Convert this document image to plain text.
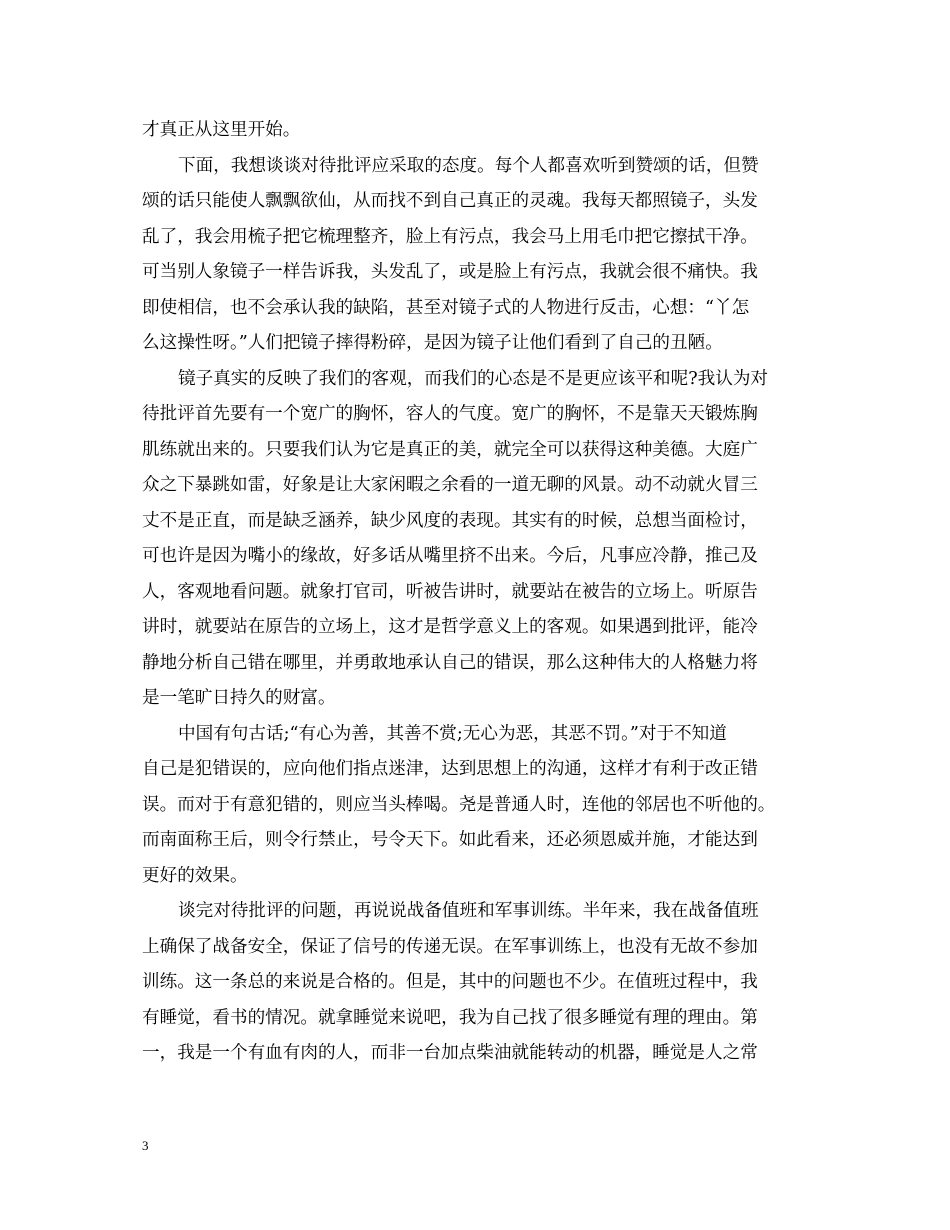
才真正从这里开始。
下面，我想谈谈对待批评应采取的态度。每个人都喜欢听到赞颂的话，但赞
颂的话只能使人飘飘欲仙，从而找不到自己真正的灵魂。我每天都照镜子，头发
乱了，我会用梳子把它梳理整齐，脸上有污点，我会马上用毛巾把它擦拭干净。
可当别人象镜子一样告诉我，头发乱了，或是脸上有污点，我就会很不痛快。我
即使相信，也不会承认我的缺陷，甚至对镜子式的人物进行反击，心想：“丫怎
么这操性呀。”人们把镜子摔得粉碎，是因为镜子让他们看到了自己的丑陋。
镜子真实的反映了我们的客观，而我们的心态是不是更应该平和呢?我认为对
待批评首先要有一个宽广的胸怀，容人的气度。宽广的胸怀，不是靠天天锻炼胸
肌练就出来的。只要我们认为它是真正的美，就完全可以获得这种美德。大庭广
众之下暴跳如雷，好象是让大家闲暇之余看的一道无聊的风景。动不动就火冒三
丈不是正直，而是缺乏涵养，缺少风度的表现。其实有的时候，总想当面检讨，
可也许是因为嘴小的缘故，好多话从嘴里挤不出来。今后，凡事应冷静，推己及
人，客观地看问题。就象打官司，听被告讲时，就要站在被告的立场上。听原告
讲时，就要站在原告的立场上，这才是哲学意义上的客观。如果遇到批评，能冷
静地分析自己错在哪里，并勇敢地承认自己的错误，那么这种伟大的人格魅力将
是一笔旷日持久的财富。
中国有句古话;“有心为善，其善不赏;无心为恶，其恶不罚。”对于不知道
自己是犯错误的，应向他们指点迷津，达到思想上的沟通，这样才有利于改正错
误。而对于有意犯错的，则应当头棒喝。尧是普通人时，连他的邻居也不听他的。
而南面称王后，则令行禁止，号令天下。如此看来，还必须恩威并施，才能达到
更好的效果。
谈完对待批评的问题，再说说战备值班和军事训练。半年来，我在战备值班
上确保了战备安全，保证了信号的传递无误。在军事训练上，也没有无故不参加
训练。这一条总的来说是合格的。但是，其中的问题也不少。在值班过程中，我
有睡觉，看书的情况。就拿睡觉来说吧，我为自己找了很多睡觉有理的理由。第
一，我是一个有血有肉的人，而非一台加点柴油就能转动的机器，睡觉是人之常
3
